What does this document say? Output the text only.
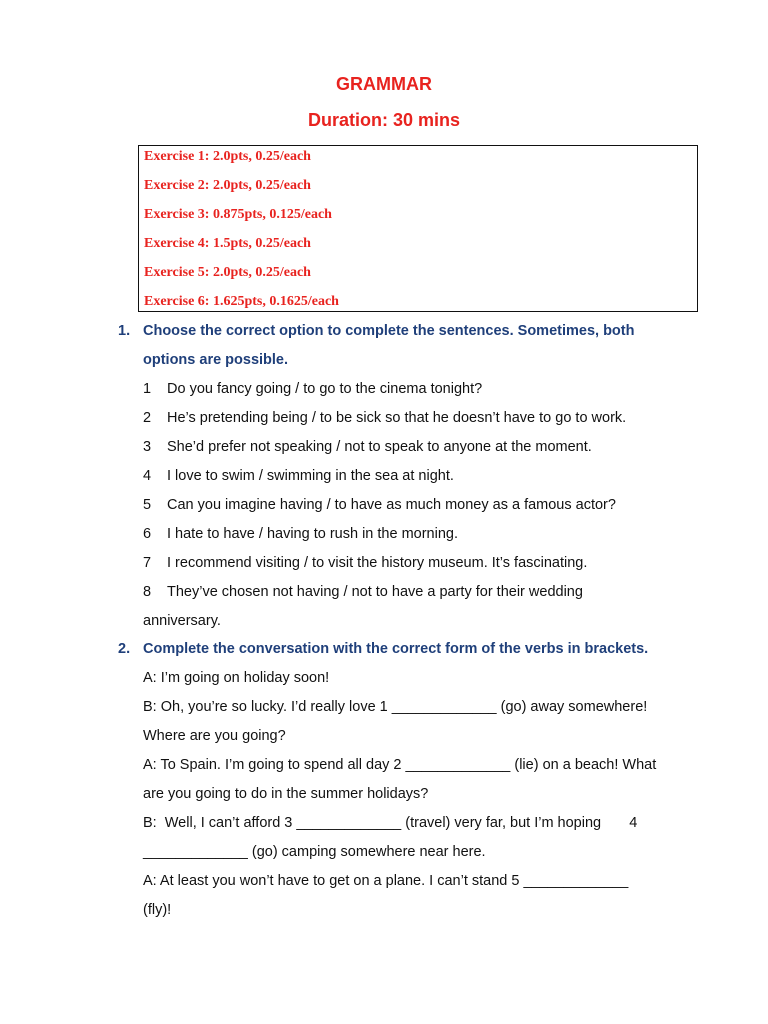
GRAMMAR
Duration: 30 mins
Exercise 1: 2.0pts, 0.25/each
Exercise 2: 2.0pts, 0.25/each
Exercise 3: 0.875pts, 0.125/each
Exercise 4: 1.5pts, 0.25/each
Exercise 5: 2.0pts, 0.25/each
Exercise 6: 1.625pts, 0.1625/each
1. Choose the correct option to complete the sentences. Sometimes, both
options are possible.
1 Do you fancy going / to go to the cinema tonight?
2 He’s pretending being / to be sick so that he doesn’t have to go to work.
3 She’d prefer not speaking / not to speak to anyone at the moment.
4 I love to swim / swimming in the sea at night.
5 Can you imagine having / to have as much money as a famous actor?
6 I hate to have / having to rush in the morning.
7 I recommend visiting / to visit the history museum. It’s fascinating.
8 They’ve chosen not having / not to have a party for their wedding
anniversary.
2. Complete the conversation with the correct form of the verbs in brackets.
A: I’m going on holiday soon!
B: Oh, you’re so lucky. I’d really love 1 _____________ (go) away somewhere!
Where are you going?
A: To Spain. I’m going to spend all day 2 _____________ (lie) on a beach! What
are you going to do in the summer holidays?
B:  Well, I can’t afford 3 _____________ (travel) very far, but I’m hoping       4
_____________ (go) camping somewhere near here.
A: At least you won’t have to get on a plane. I can’t stand 5 _____________
(fly)!
